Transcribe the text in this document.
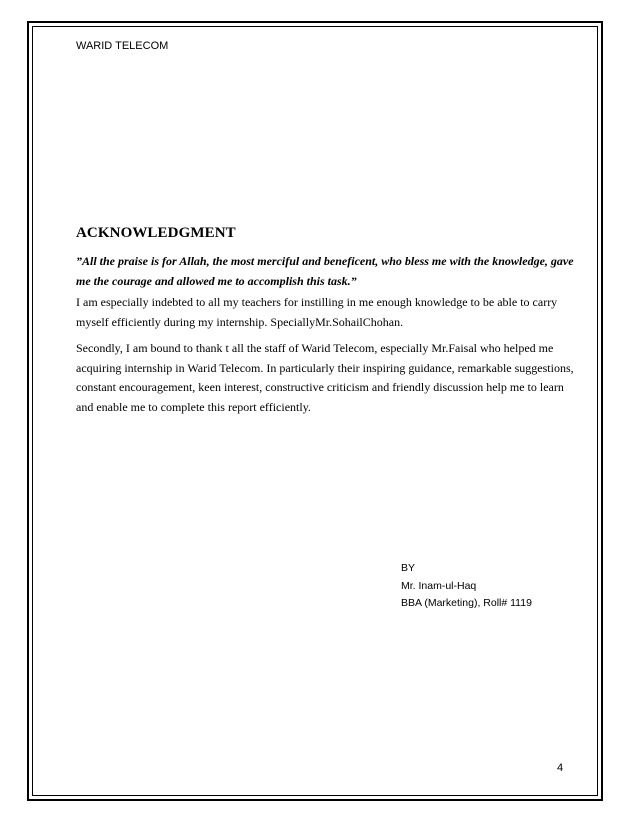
WARID TELECOM
ACKNOWLEDGMENT

”All the praise is for Allah, the most merciful and beneficent, who bless me with the knowledge, gave me the courage and allowed me to accomplish this task.”

I am especially indebted to all my teachers for instilling in me enough knowledge to be able to carry myself efficiently during my internship. SpeciallyMr.SohailChohan.

Secondly, I am bound to thank t all the staff of Warid Telecom, especially Mr.Faisal who helped me acquiring internship in Warid Telecom. In particularly their inspiring guidance, remarkable suggestions, constant encouragement, keen interest, constructive criticism and friendly discussion help me to learn and enable me to complete this report efficiently.

BY
Mr. Inam-ul-Haq
BBA (Marketing), Roll# 1119
4
